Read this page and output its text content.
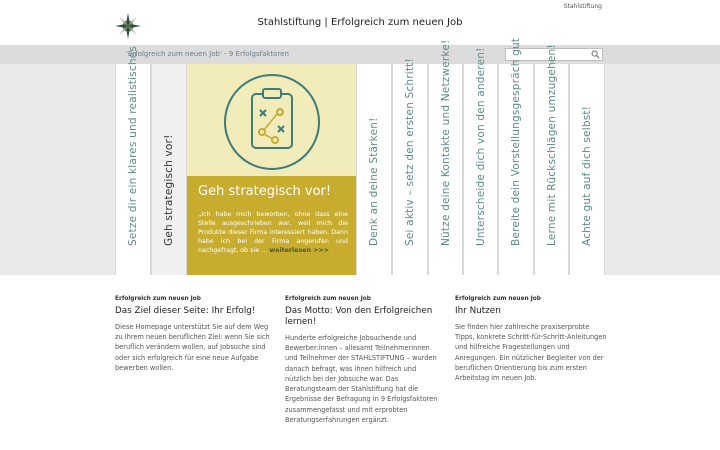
Stahlstiftung
Stahlstiftung | Erfolgreich zum neuen Job
'Erfolgreich zum neuen Job' - 9 Erfolgsfaktoren
Setze dir ein klares und realistisches Geh strategisch vor! Geh strategisch vor!
„Ich habe mich beworben, ohne dass eine Stelle ausgeschrieben war, weil mich die Produkte dieser Firma interessiert haben. Dann habe ich bei der Firma angerufen und nachgefragt, ob sie … weiterlesen >>>
Denk an deine Stärken! Sei aktiv – setz den ersten Schritt! Nütze deine Kontakte und Netzwerke! Unterscheide dich von den anderen! Bereite dein Vorstellungsgespräch gut Lerne mit Rückschlägen umzugehen! Achte gut auf dich selbst!
Erfolgreich zum neuen Job
Das Ziel dieser Seite: Ihr Erfolg!
Diese Homepage unterstützt Sie auf dem Weg zu Ihrem neuen beruflichen Ziel: wenn Sie sich beruflich verändern wollen, auf Jobsuche sind oder sich erfolgreich für eine neue Aufgabe bewerben wollen.
Erfolgreich zum neuen Job
Das Motto: Von den Erfolgreichen lernen!
Hunderte erfolgreiche Jobsuchende und Bewerber:innen – allesamt Teilnehmerinnen und Teilnehmer der STAHLSTIFTUNG – wurden danach befragt, was ihnen hilfreich und nützlich bei der Jobsuche war. Das Beratungsteam der Stahlstiftung hat die Ergebnisse der Befragung in 9 Erfolgsfaktoren zusammengefasst und mit erprobten Beratungserfahrungen ergänzt.
Erfolgreich zum neuen Job
Ihr Nutzen
Sie finden hier zahlreiche praxiserprobte Tipps, konkrete Schritt-für-Schritt-Anleitungen und hilfreiche Fragestellungen und Anregungen. Ein nützlicher Begleiter von der beruflichen Orientierung bis zum ersten Arbeitstag im neuen Job.
